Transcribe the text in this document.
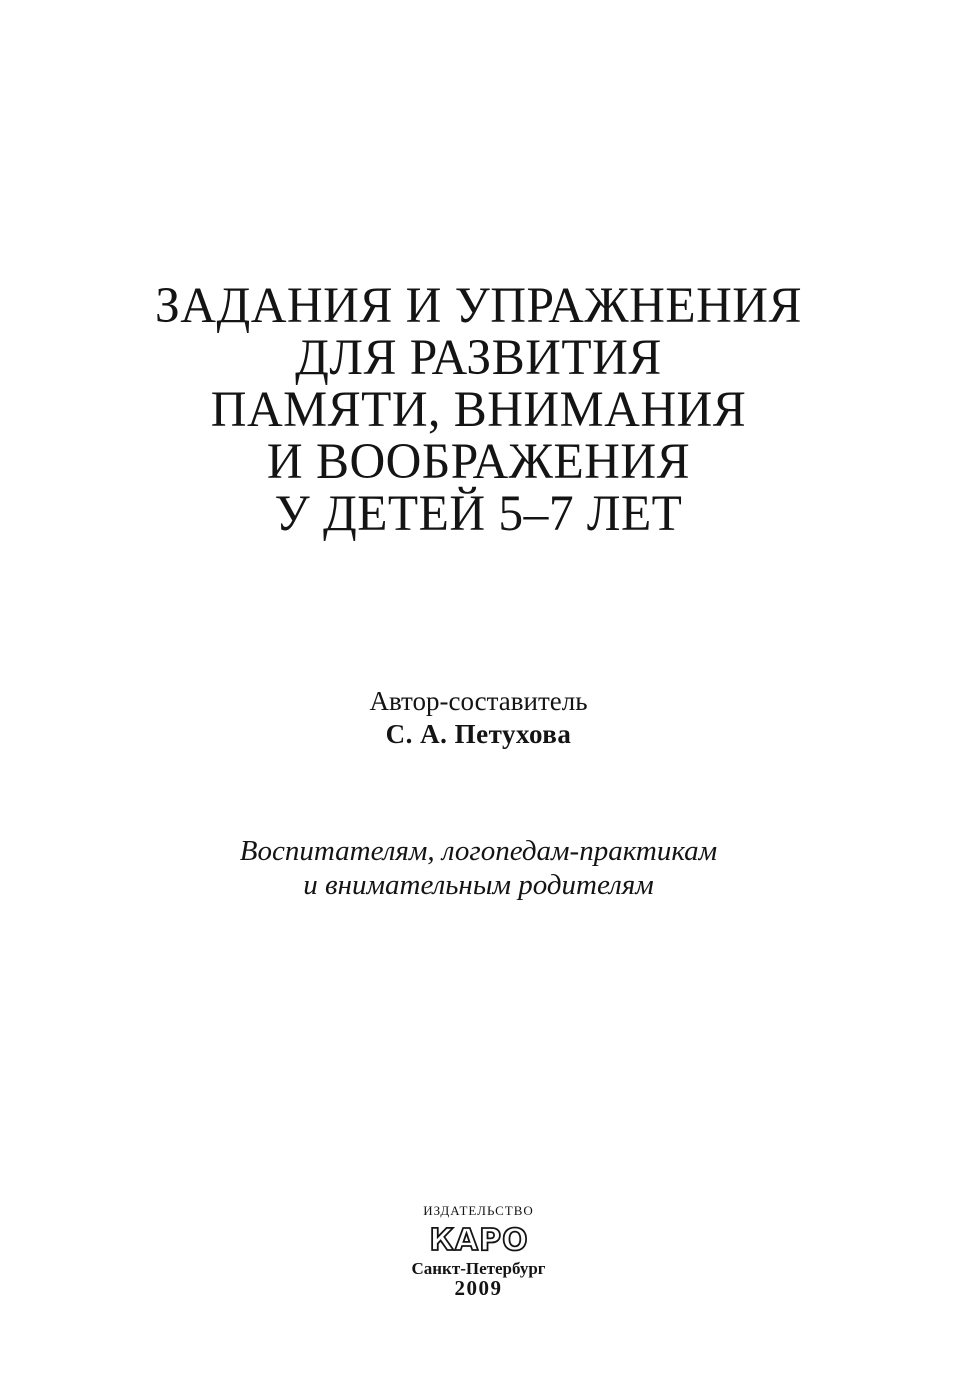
ЗАДАНИЯ И УПРАЖНЕНИЯ
ДЛЯ РАЗВИТИЯ
ПАМЯТИ, ВНИМАНИЯ
И ВООБРАЖЕНИЯ
У ДЕТЕЙ 5–7 ЛЕТ
Автор-составитель
С. А. Петухова
Воспитателям, логопедам-практикам
и внимательным родителям
ИЗДАТЕЛЬСТВО
КАРО
Санкт-Петербург
2009
